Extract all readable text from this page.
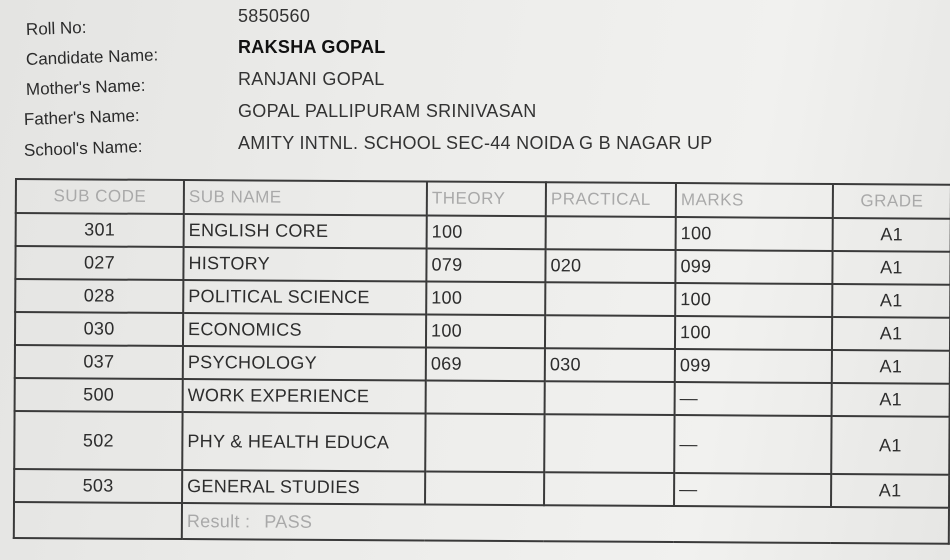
Roll No:
5850560
Candidate Name:	RAKSHA GOPAL
Mother's Name:	RANJANI GOPAL
Father's Name:	GOPAL PALLIPURAM SRINIVASAN
School's Name:	AMITY INTNL. SCHOOL SEC-44 NOIDA G B NAGAR UP
SUB CODE	SUB NAME	THEORY	PRACTICAL	MARKS	GRADE
301	ENGLISH CORE	100		100	A1
027	HISTORY	079	020	099	A1
028	POLITICAL SCIENCE	100		100	A1
030	ECONOMICS	100		100	A1
037	PSYCHOLOGY	069	030	099	A1
500	WORK EXPERIENCE			—	A1
502	PHY & HEALTH EDUCA			—	A1
503	GENERAL STUDIES			—	A1
	Result : PASS				
